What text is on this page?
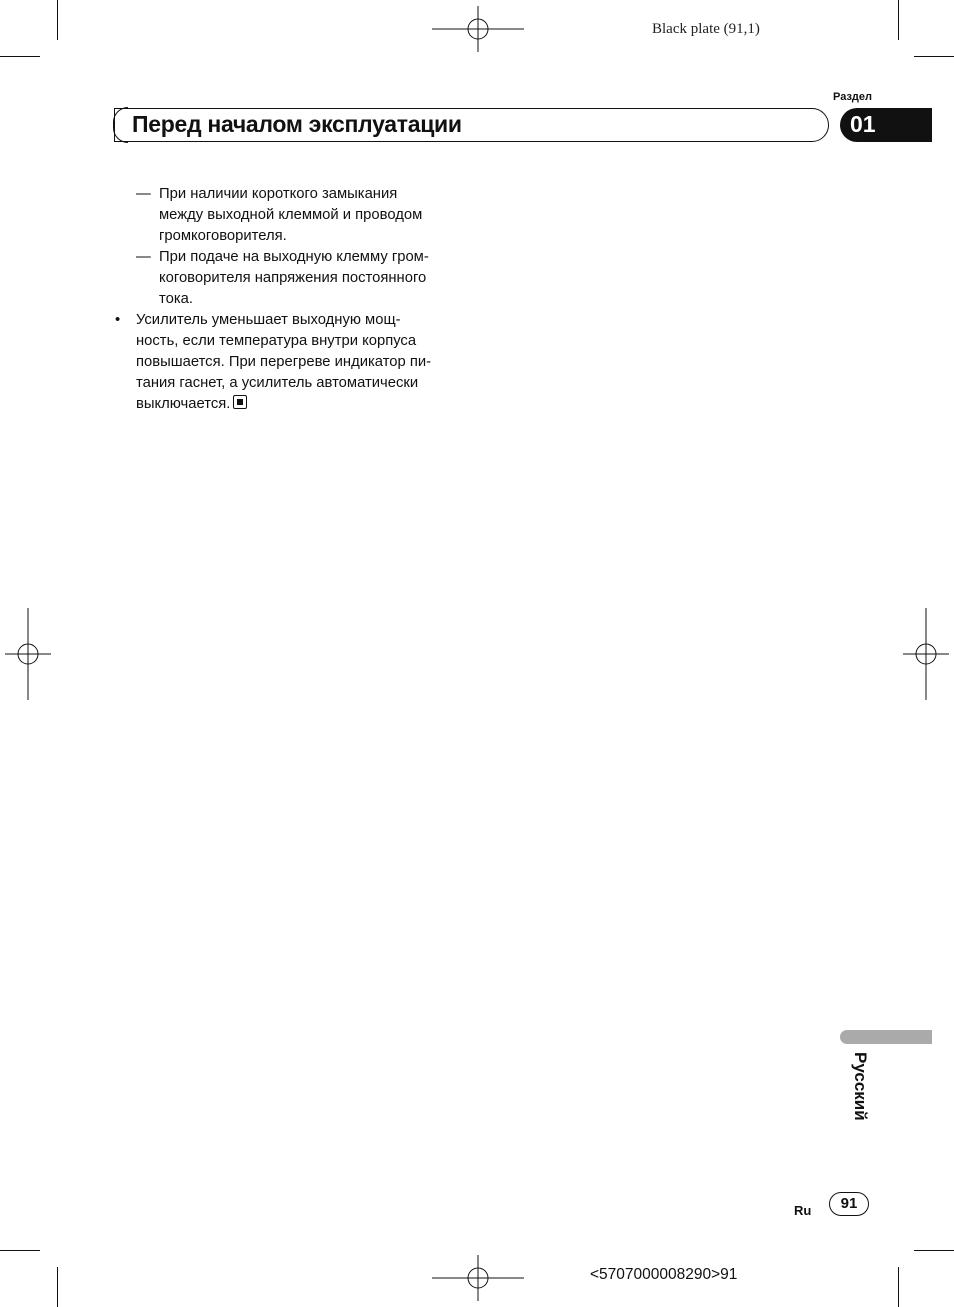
Black plate (91,1)
Раздел
Перед началом эксплуатации	01
— При наличии короткого замыкания
между выходной клеммой и проводом
громкоговорителя.
— При подаче на выходную клемму гром-
коговорителя напряжения постоянного
тока.
• Усилитель уменьшает выходную мощ-
ность, если температура внутри корпуса
повышается. При перегреве индикатор пи-
тания гаснет, а усилитель автоматически
выключается.
Русский
Ru	91
<5707000008290>91
